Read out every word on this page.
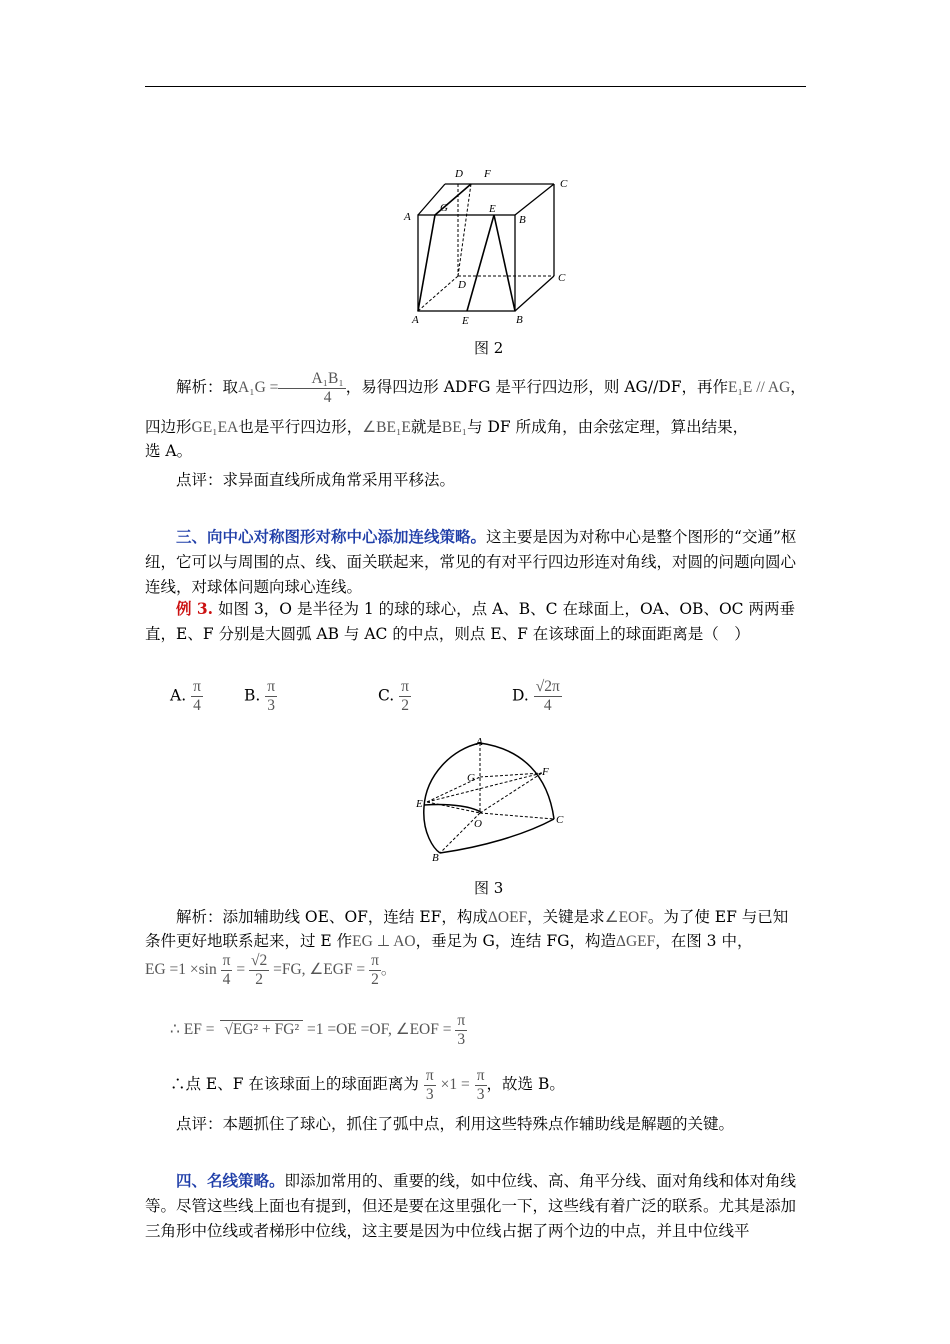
D F
C
A
G	E
B
D
C
A	E	B
图 2
解析：取$A_1G = \frac{\text{A₁B₁}}{4}$ ，易得四边形 ADFG 是平行四边形，则 AG//DF，再作E₁E // AG，
四边形GE₁EA也是平行四边形，∠BE₁E就是BE₁与 DF 所成角，由余弦定理，算出结果，
选 A。
点评：求异面直线所成角常采用平移法。
三、向中心对称图形对称中心添加连线策略。这主要是因为对称中心是整个图形的“交通”枢纽，它可以与周围的点、线、面关联起来，常见的有对平行四边形连对角线，对圆的问题向圆心连线，对球体问题向球心连线。
例 3. 如图 3，O 是半径为 1 的球的球心，点 A、B、C 在球面上，OA、OB、OC 两两垂直，E、F 分别是大圆弧 AB 与 AC 的中点，则点 E、F 在该球面上的球面距离是（　）
A. $\frac{\pi}{4}$	B. $\frac{\pi}{3}$	C. $\frac{\pi}{2}$	D. $\frac{√2\pi}{4}$
A
G	F
E
O	C
B
图 3
解析：添加辅助线 OE、OF，连结 EF，构成ΔOEF，关键是求∠EOF。为了使 EF 与已知
条件更好地联系起来，过 E 作EG ⊥ AO，垂足为 G，连结 FG，构造ΔGEF，在图 3 中，
EG $=1 \times\sin \frac{\pi}{4} = \frac{√2}{2} =FG$, ∠EGF = $\frac{\pi}{2}$ 。
∴ EF = √EG² + FG² =1 =OE =OF, ∠EOF = $\frac{\pi}{3}$
∴点 E、F 在该球面上的球面距离为 $\frac{\pi}{3} \times 1 = \frac{\pi}{3}$ ，故选 B。
点评：本题抓住了球心，抓住了弧中点，利用这些特殊点作辅助线是解题的关键。
四、名线策略。即添加常用的、重要的线，如中位线、高、角平分线、面对角线和体对角线等。尽管这些线上面也有提到，但还是要在这里强化一下，这些线有着广泛的联系。尤其是添加三角形中位线或者梯形中位线，这主要是因为中位线占据了两个边的中点，并且中位线平
